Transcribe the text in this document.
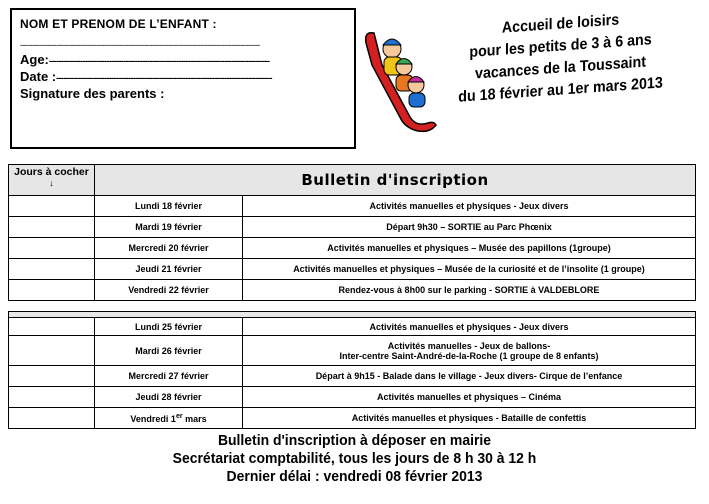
NOM ET PRENOM DE L’ENFANT :
----------------------------------------------------------------------------------------------------
Age:--------------------------------------------------------------------------------------------
Date :------------------------------------------------------------------------------------------
Signature des parents :
Accueil de loisirs
pour les petits de 3 à 6 ans
vacances de la Toussaint
du 18 février au 1er mars 2013
Jours à cocher
↓	Bulletin d'inscription	
	Lundi 18 février	Activités manuelles et physiques - Jeux divers
	Mardi 19 février	Départ 9h30 – SORTIE au Parc Phœnix
	Mercredi 20 février	Activités manuelles et physiques – Musée des papillons (1groupe)
	Jeudi 21 février	Activités manuelles et physiques – Musée de la curiosité et de l’insolite (1 groupe)
	Vendredi 22 février	Rendez-vous à 8h00 sur le parking - SORTIE à VALDEBLORE

	Lundi 25 février	Activités manuelles et physiques - Jeux divers
	Mardi 26 février	Activités manuelles - Jeux de ballons-
Inter-centre Saint-André-de-la-Roche (1 groupe de 8 enfants)

	Mercredi 27 février	Départ à 9h15 - Balade dans le village - Jeux divers- Cirque de l’enfance
	Jeudi 28 février	Activités manuelles et physiques – Cinéma
	Vendredi 1er mars	Activités manuelles et physiques - Bataille de confettis
Bulletin d'inscription à déposer en mairie
Secrétariat comptabilité, tous les jours de 8 h 30 à 12 h
Dernier délai : vendredi 08 février 2013
